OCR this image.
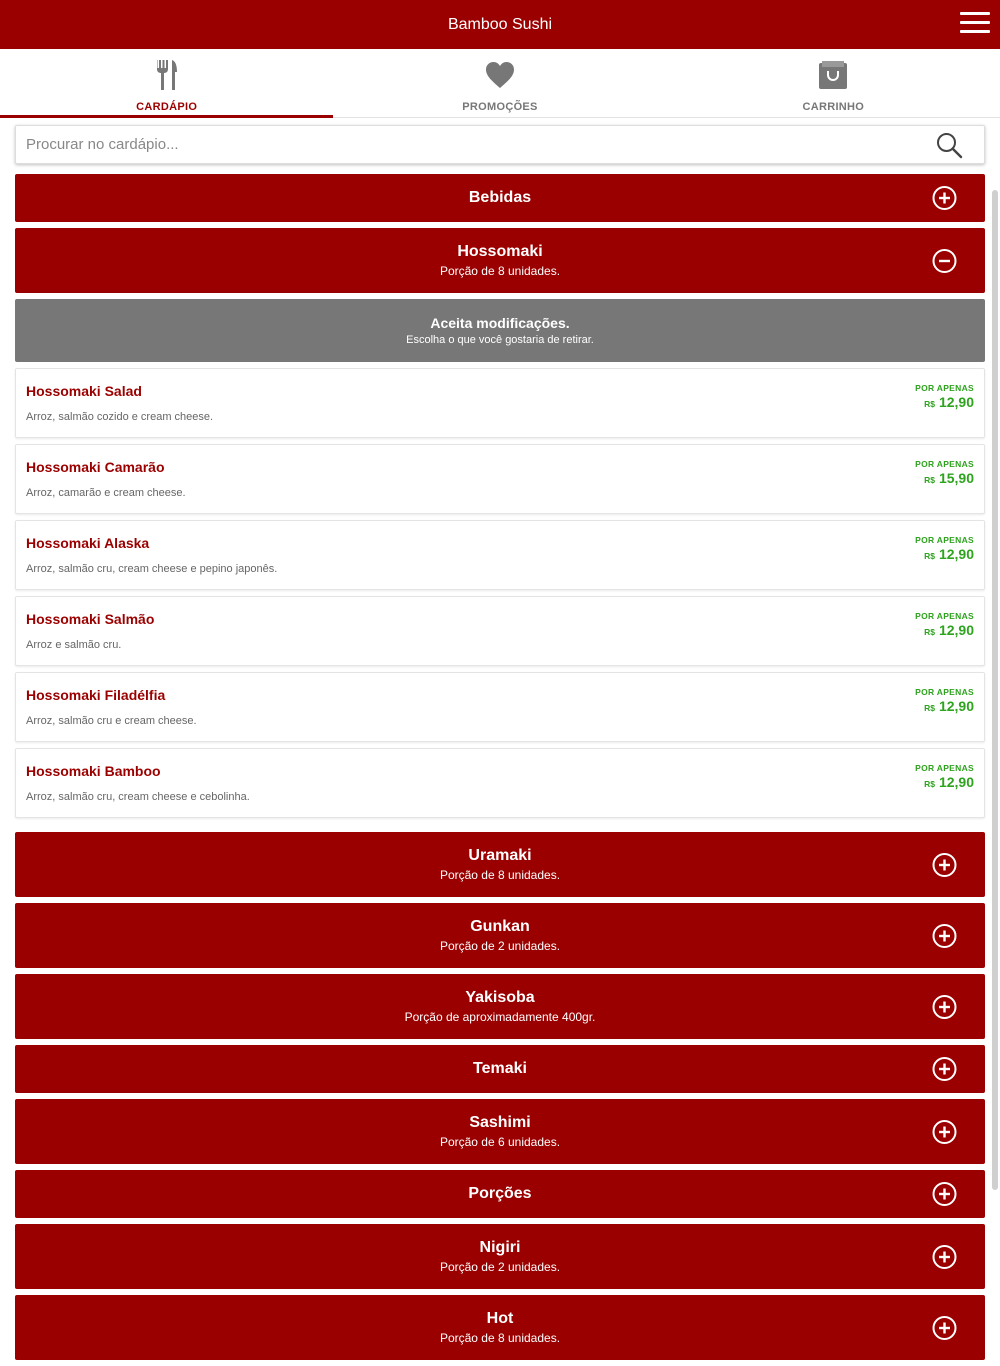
Bamboo Sushi
CARDÁPIO	PROMOÇÕES	CARRINHO
Procurar no cardápio...
Bebidas
Hossomaki
Porção de 8 unidades.
Aceita modificações.
Escolha o que você gostaria de retirar.
Hossomaki Salad
Arroz, salmão cozido e cream cheese.
POR APENAS
R$ 12,90
Hossomaki Camarão
Arroz, camarão e cream cheese.
POR APENAS
R$ 15,90
Hossomaki Alaska
Arroz, salmão cru, cream cheese e pepino japonês.
POR APENAS
R$ 12,90
Hossomaki Salmão
Arroz e salmão cru.
POR APENAS
R$ 12,90
Hossomaki Filadélfia
Arroz, salmão cru e cream cheese.
POR APENAS
R$ 12,90
Hossomaki Bamboo
Arroz, salmão cru, cream cheese e cebolinha.
POR APENAS
R$ 12,90
Uramaki
Porção de 8 unidades.
Gunkan
Porção de 2 unidades.
Yakisoba
Porção de aproximadamente 400gr.
Temaki
Sashimi
Porção de 6 unidades.
Porções
Nigiri
Porção de 2 unidades.
Hot
Porção de 8 unidades.
